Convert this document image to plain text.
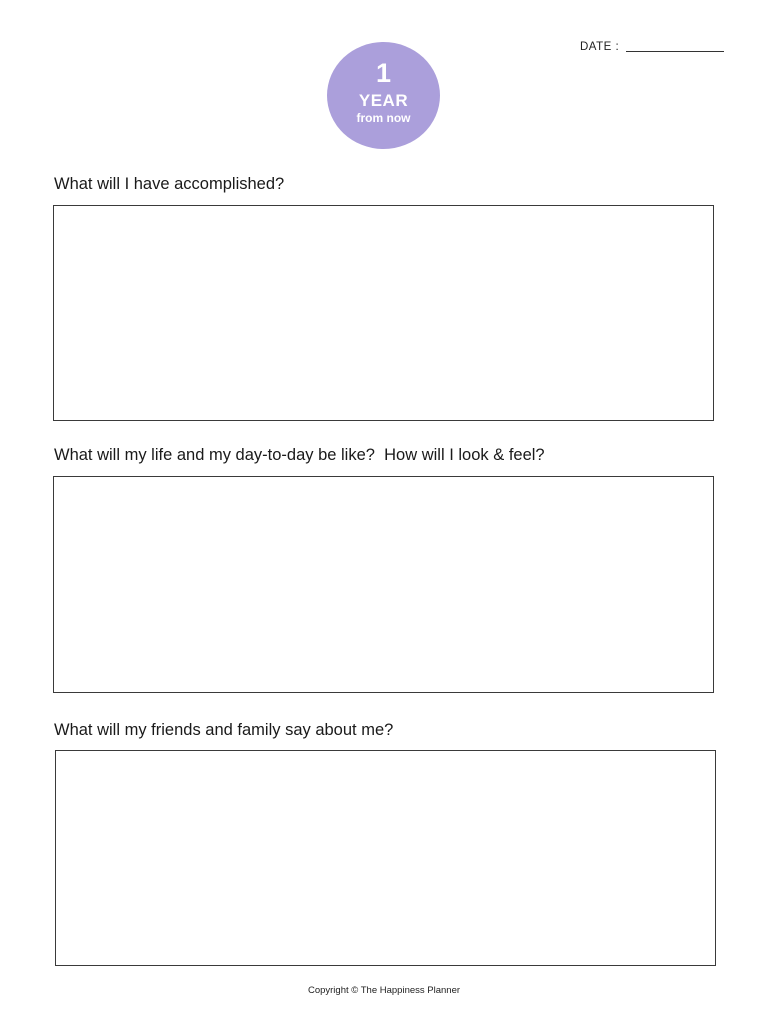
DATE :
1
YEAR
from now
What will I have accomplished?
What will my life and my day-to-day be like?  How will I look & feel?
What will my friends and family say about me?
Copyright © The Happiness Planner
